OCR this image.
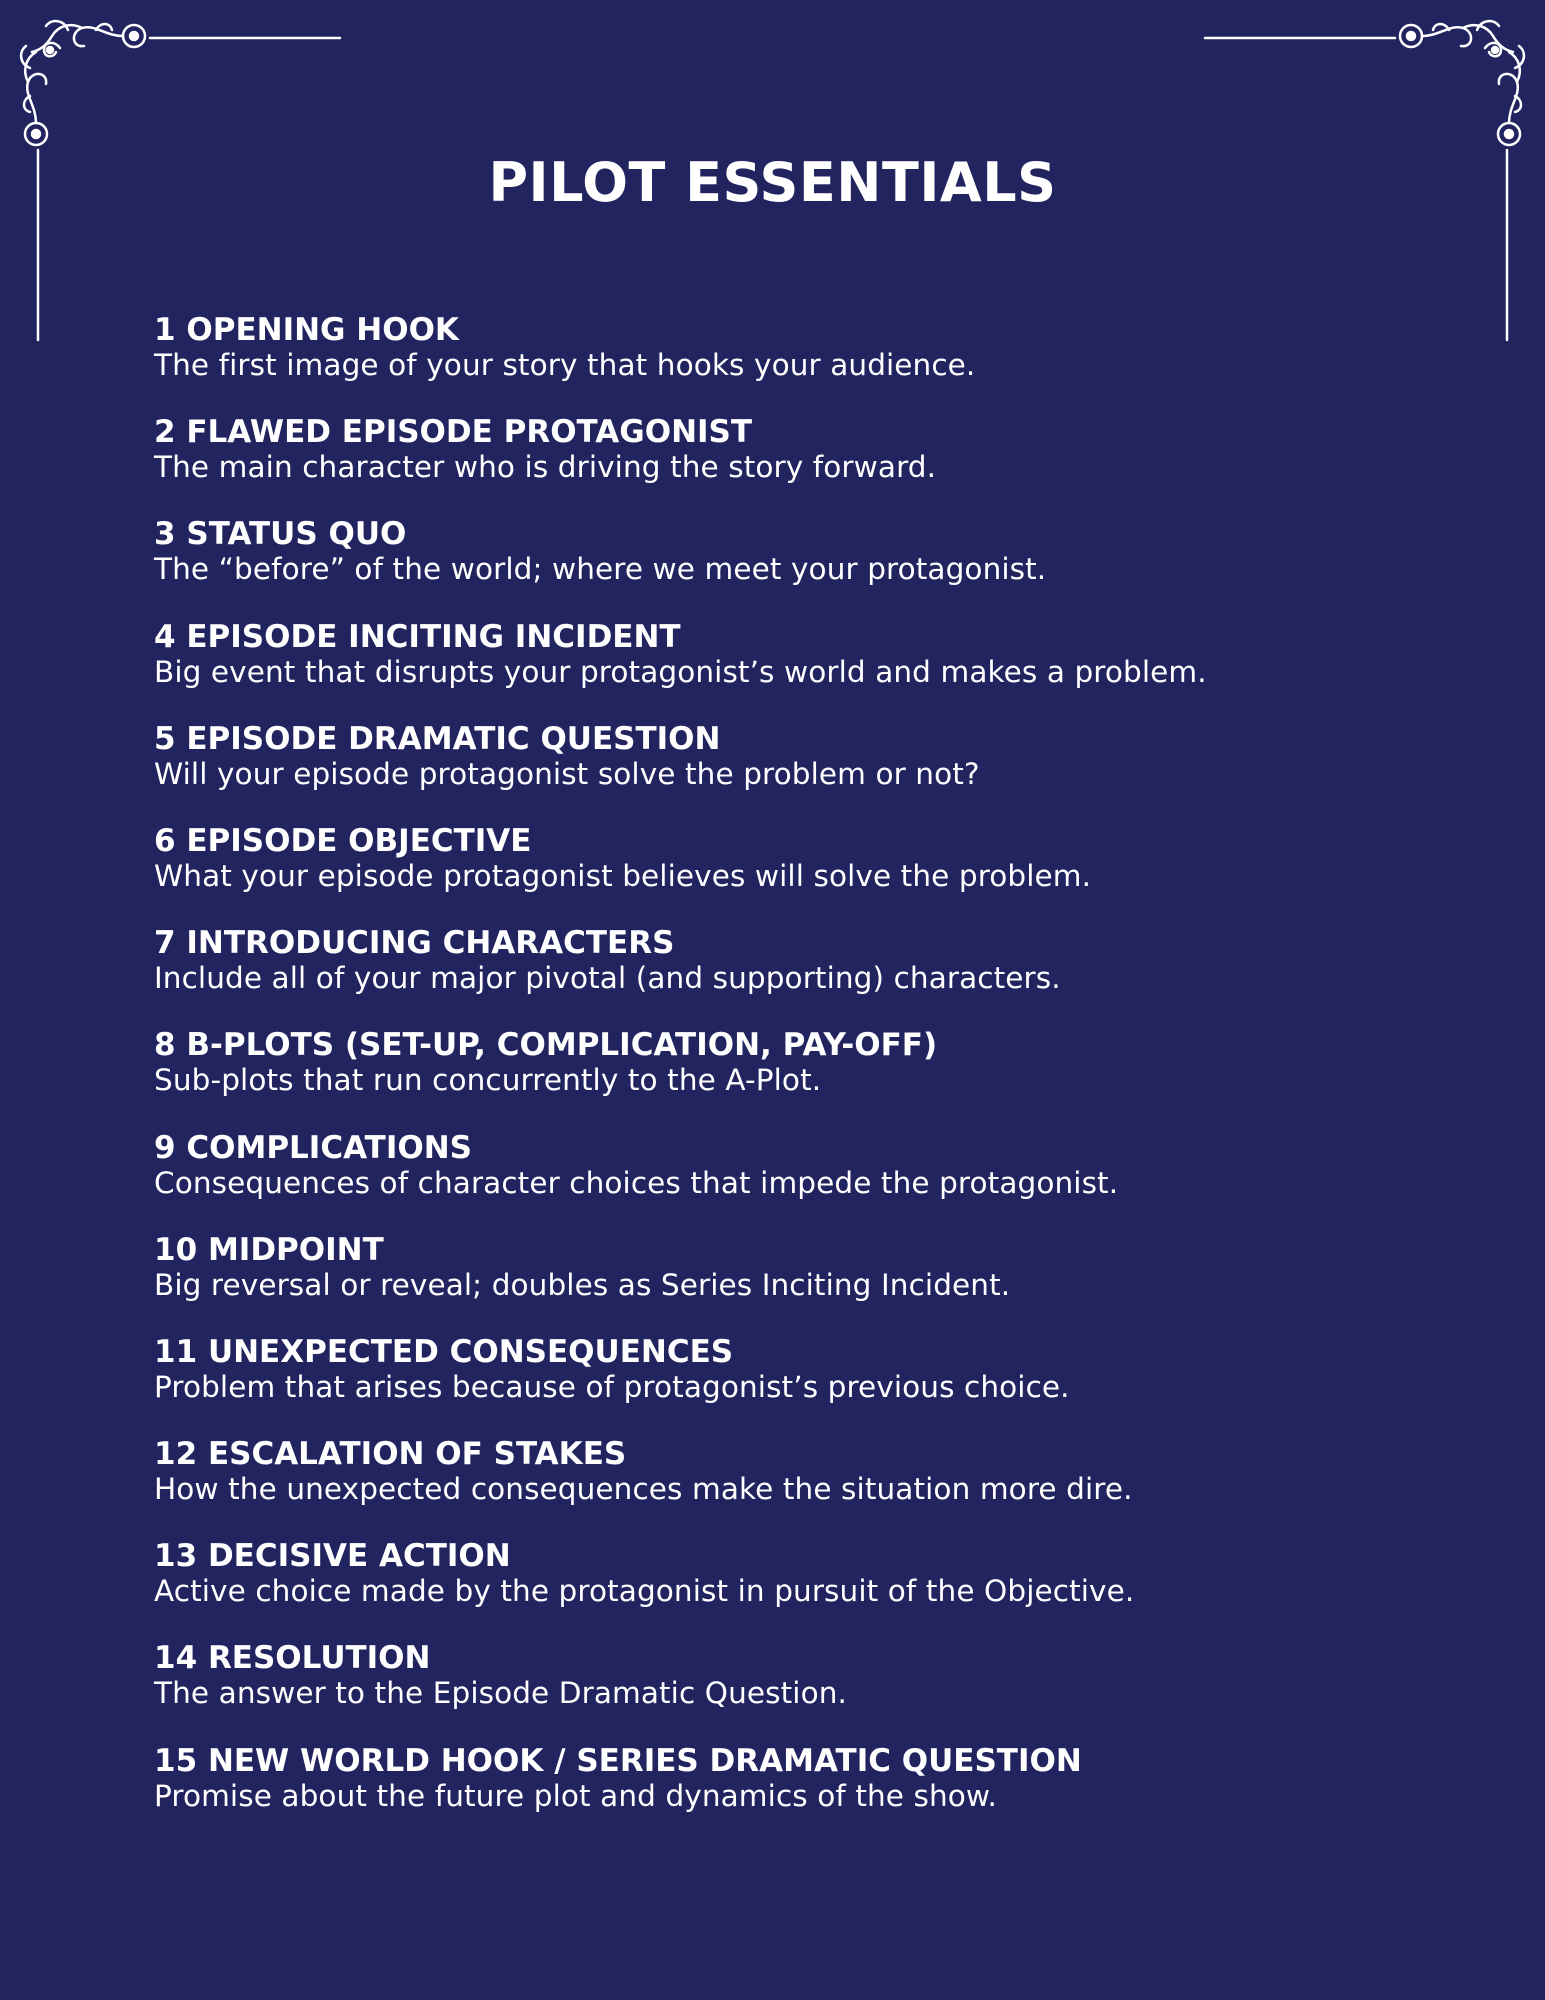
PILOT ESSENTIALS
1 OPENING HOOK
The first image of your story that hooks your audience.
2 FLAWED EPISODE PROTAGONIST
The main character who is driving the story forward.
3 STATUS QUO
The “before” of the world; where we meet your protagonist.
4 EPISODE INCITING INCIDENT
Big event that disrupts your protagonist’s world and makes a problem.
5 EPISODE DRAMATIC QUESTION
Will your episode protagonist solve the problem or not?
6 EPISODE OBJECTIVE
What your episode protagonist believes will solve the problem.
7 INTRODUCING CHARACTERS
Include all of your major pivotal (and supporting) characters.
8 B-PLOTS (SET-UP, COMPLICATION, PAY-OFF)
Sub-plots that run concurrently to the A-Plot.
9 COMPLICATIONS
Consequences of character choices that impede the protagonist.
10 MIDPOINT
Big reversal or reveal; doubles as Series Inciting Incident.
11 UNEXPECTED CONSEQUENCES
Problem that arises because of protagonist’s previous choice.
12 ESCALATION OF STAKES
How the unexpected consequences make the situation more dire.
13 DECISIVE ACTION
Active choice made by the protagonist in pursuit of the Objective.
14 RESOLUTION
The answer to the Episode Dramatic Question.
15 NEW WORLD HOOK / SERIES DRAMATIC QUESTION
Promise about the future plot and dynamics of the show.
